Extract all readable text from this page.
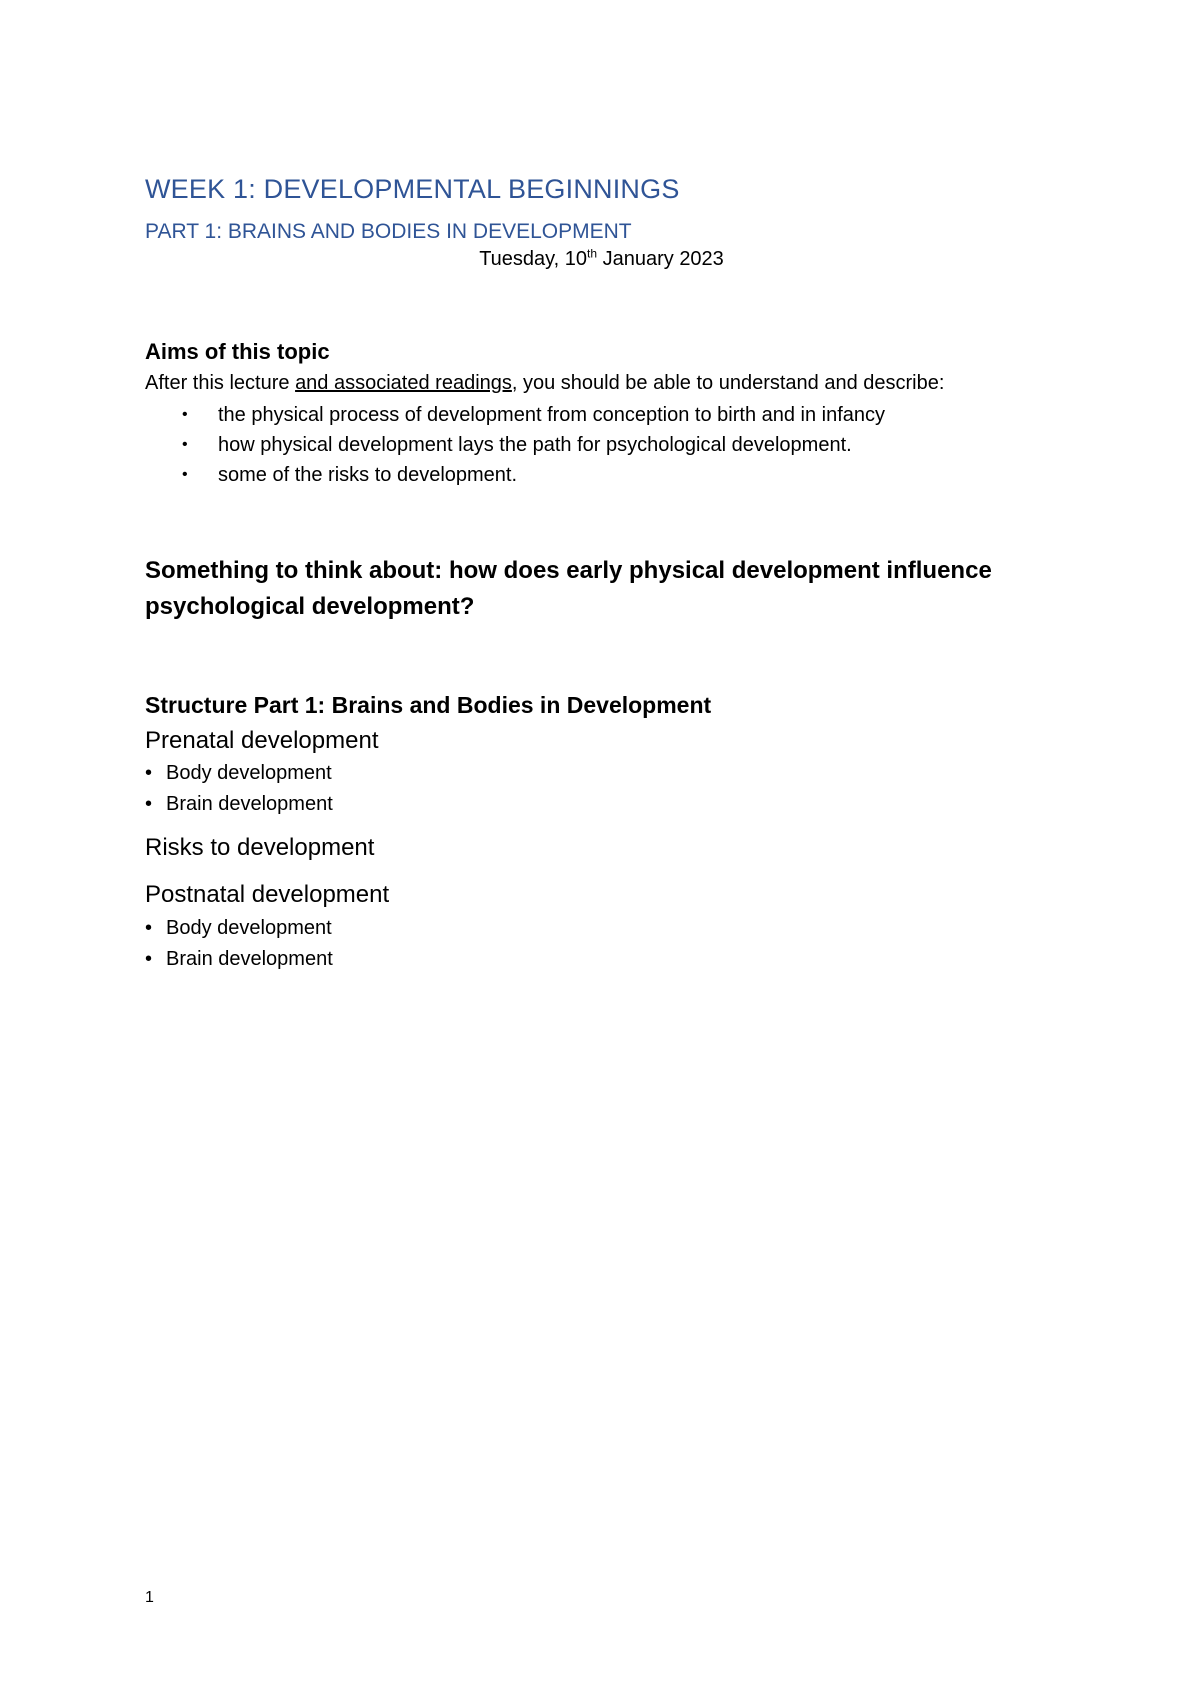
WEEK 1: DEVELOPMENTAL BEGINNINGS
PART 1: BRAINS AND BODIES IN DEVELOPMENT
Tuesday, 10th January 2023
Aims of this topic
After this lecture and associated readings, you should be able to understand and describe:
• the physical process of development from conception to birth and in infancy
• how physical development lays the path for psychological development.
• some of the risks to development.
Something to think about: how does early physical development influence psychological development?
Structure Part 1: Brains and Bodies in Development
Prenatal development
• Body development
• Brain development
Risks to development
Postnatal development
• Body development
• Brain development
1
